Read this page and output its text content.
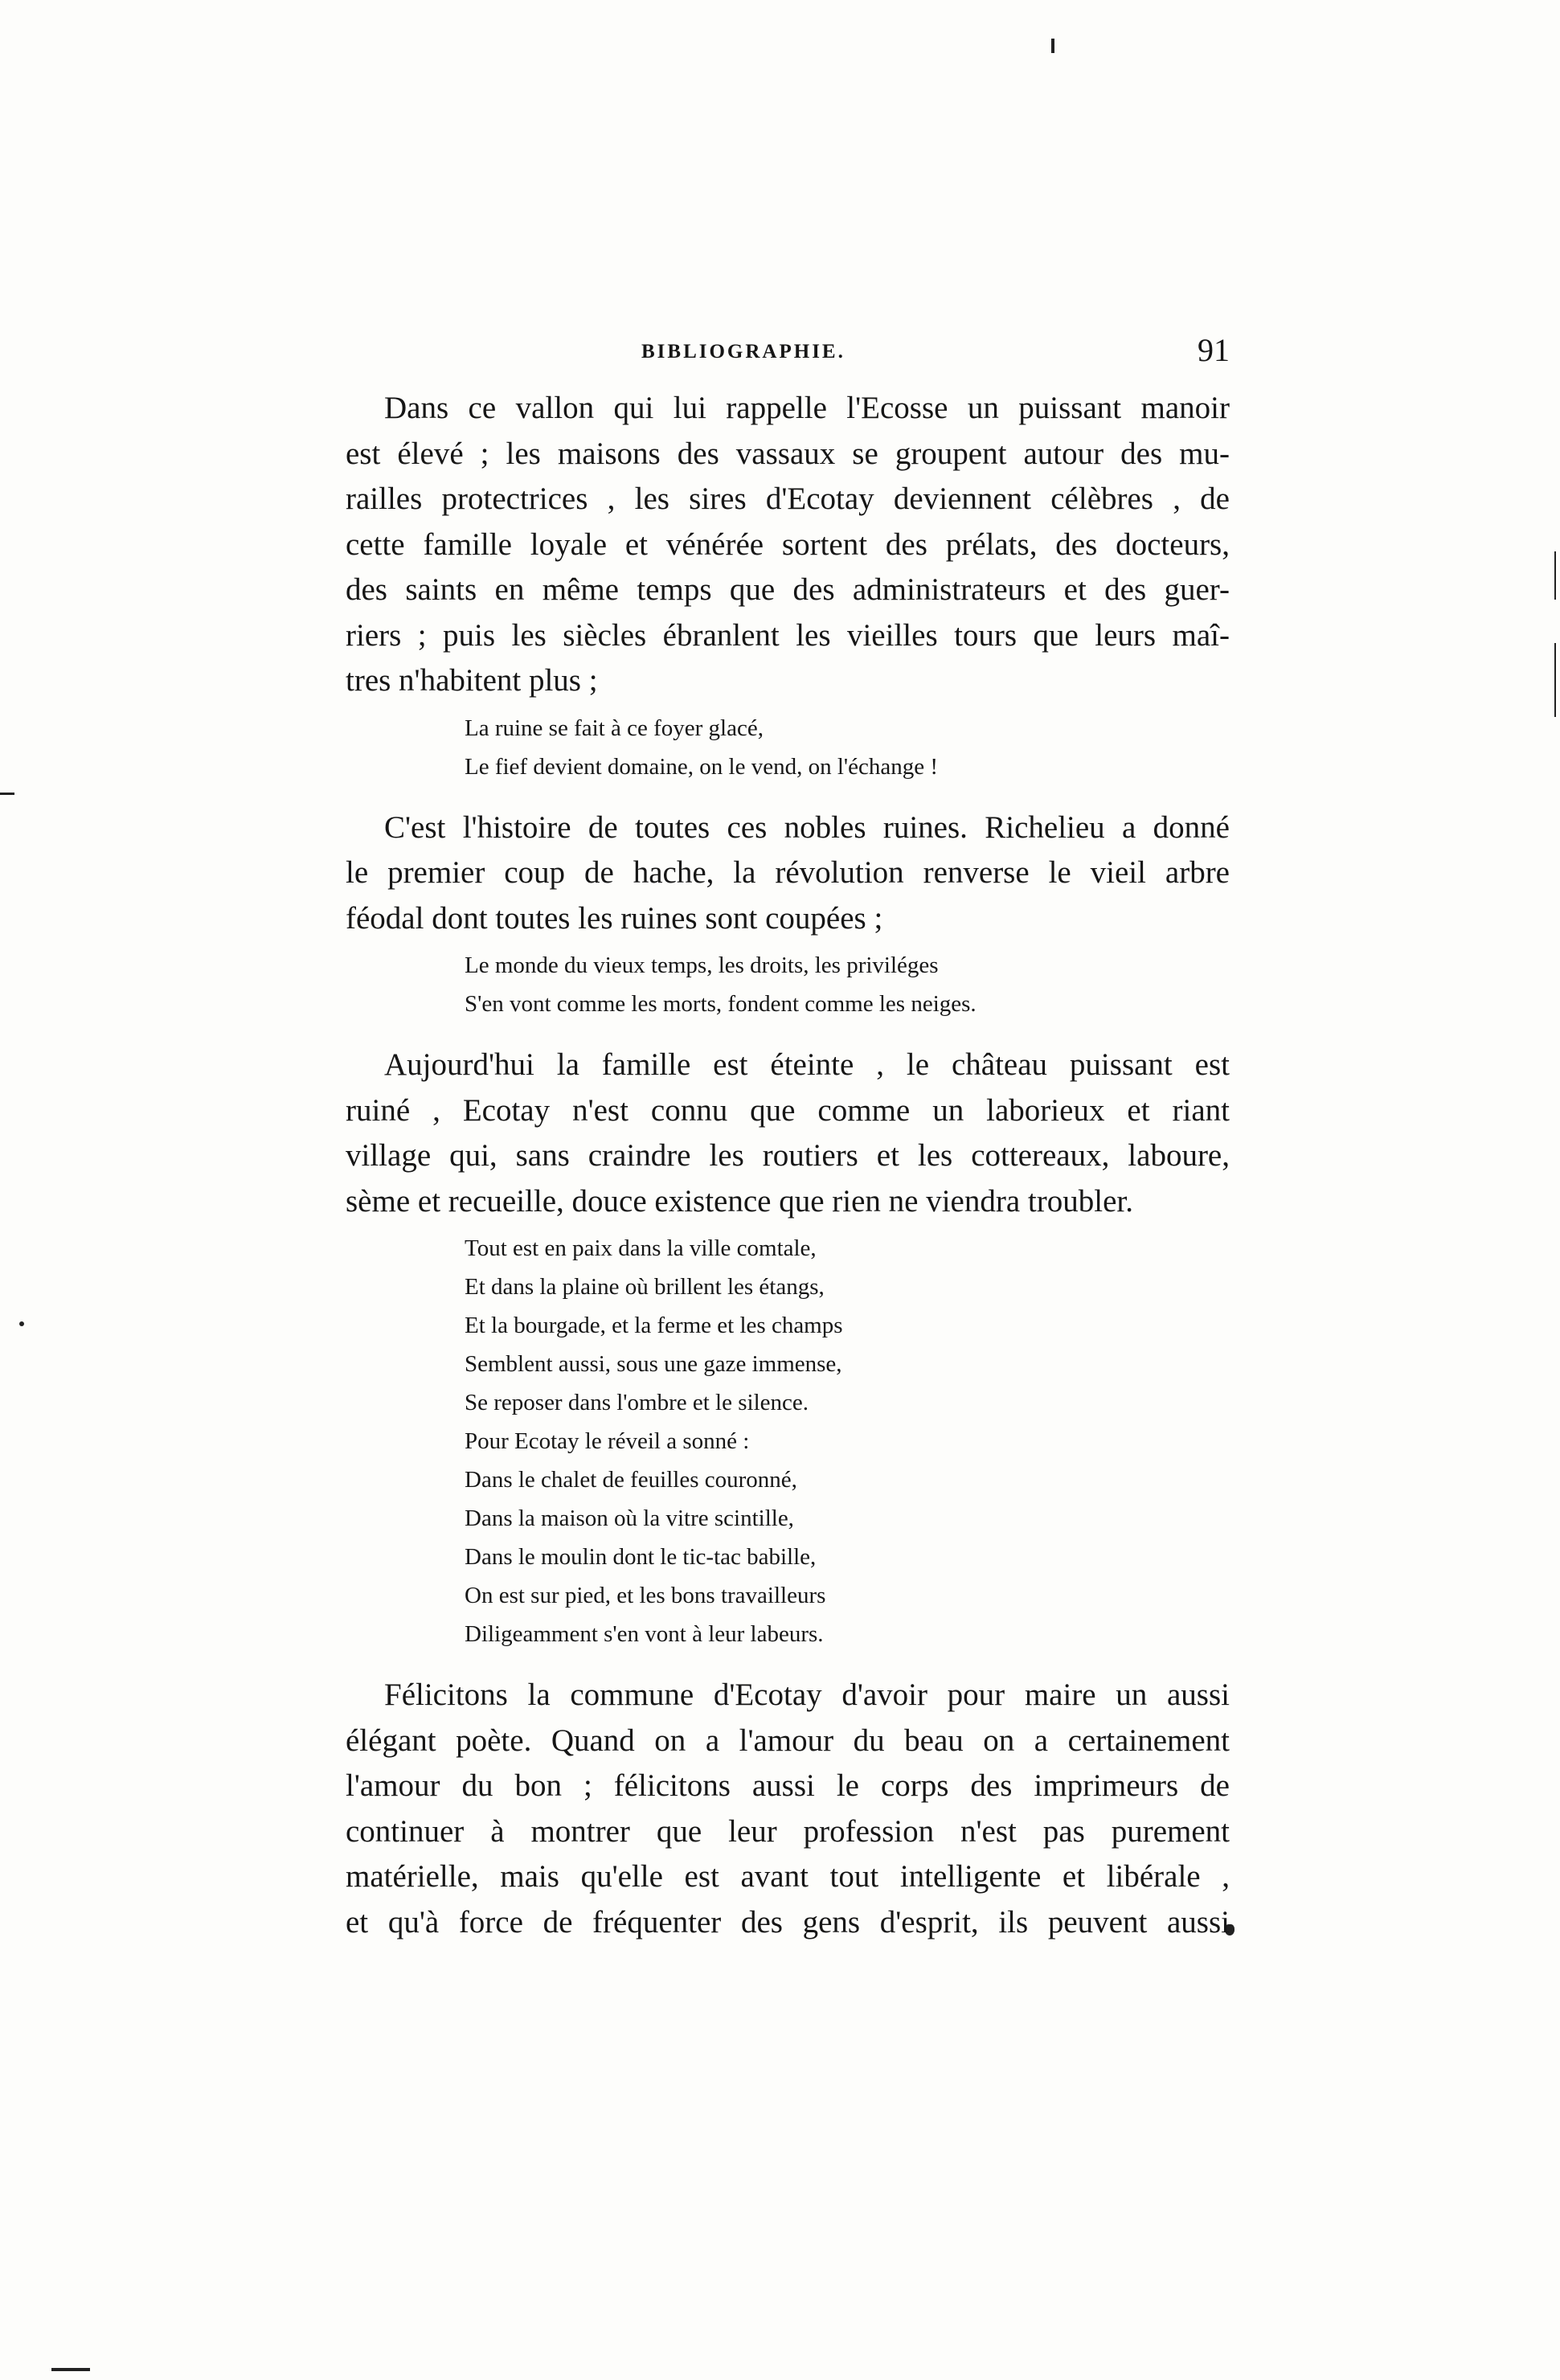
BIBLIOGRAPHIE.	91
Dans ce vallon qui lui rappelle l'Ecosse un puissant manoir
est élevé ; les maisons des vassaux se groupent autour des mu-
railles protectrices , les sires d'Ecotay deviennent célèbres , de
cette famille loyale et vénérée sortent des prélats, des docteurs,
des saints en même temps que des administrateurs et des guer-
riers ; puis les siècles ébranlent les vieilles tours que leurs maî-
tres n'habitent plus ;
La ruine se fait à ce foyer glacé,
Le fief devient domaine, on le vend, on l'échange !
C'est l'histoire de toutes ces nobles ruines. Richelieu a donné
le premier coup de hache, la révolution renverse le vieil arbre
féodal dont toutes les ruines sont coupées ;
Le monde du vieux temps, les droits, les priviléges
S'en vont comme les morts, fondent comme les neiges.
Aujourd'hui la famille est éteinte , le château puissant est
ruiné , Ecotay n'est connu que comme un laborieux et riant
village qui, sans craindre les routiers et les cottereaux, laboure,
sème et recueille, douce existence que rien ne viendra troubler.
Tout est en paix dans la ville comtale,
Et dans la plaine où brillent les étangs,
Et la bourgade, et la ferme et les champs
Semblent aussi, sous une gaze immense,
Se reposer dans l'ombre et le silence.
Pour Ecotay le réveil a sonné :
Dans le chalet de feuilles couronné,
Dans la maison où la vitre scintille,
Dans le moulin dont le tic-tac babille,
On est sur pied, et les bons travailleurs
Diligeamment s'en vont à leur labeurs.
Félicitons la commune d'Ecotay d'avoir pour maire un aussi
élégant poète. Quand on a l'amour du beau on a certainement
l'amour du bon ; félicitons aussi le corps des imprimeurs de
continuer à montrer que leur profession n'est pas purement
matérielle, mais qu'elle est avant tout intelligente et libérale ,
et qu'à force de fréquenter des gens d'esprit, ils peuvent aussi
